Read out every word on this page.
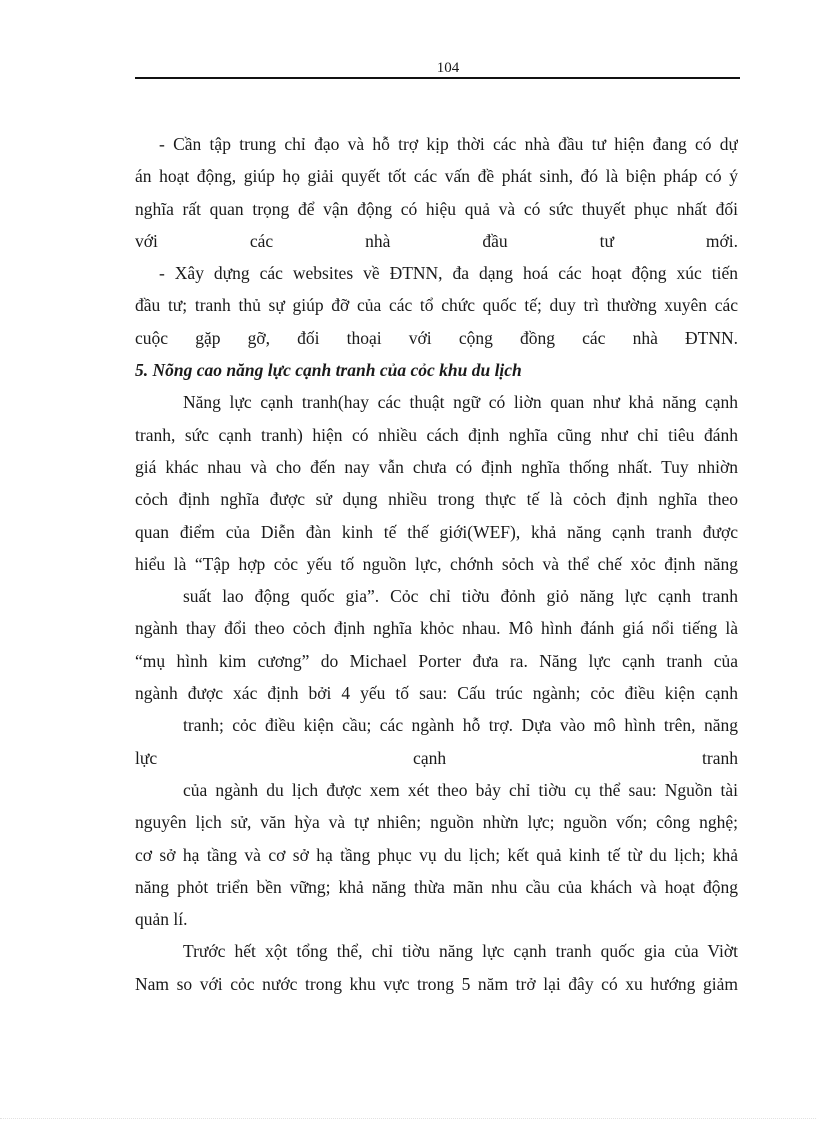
104
- Cần tập trung chỉ đạo và hỗ trợ kịp thời các nhà đầu tư hiện đang có dự
án hoạt động, giúp họ giải quyết tốt các vấn đề phát sinh, đó là biện pháp có ý
nghĩa rất quan trọng để vận động có hiệu quả và có sức thuyết phục nhất đối
với các nhà đầu tư mới.
- Xây dựng các websites về ĐTNN, đa dạng hoá các hoạt động xúc tiến
đầu tư; tranh thủ sự giúp đỡ của các tổ chức quốc tế; duy trì thường xuyên các
cuộc gặp gỡ, đối thoại với cộng đồng các nhà ĐTNN.
5. Nõng cao năng lực cạnh tranh của cỏc khu du lịch
Năng lực cạnh tranh(hay các thuật ngữ có liờn quan như khả năng cạnh
tranh, sức cạnh tranh) hiện có nhiều cách định nghĩa cũng như chỉ tiêu đánh
giá khác nhau và cho đến nay vẫn chưa có định nghĩa thống nhất. Tuy nhiờn
cỏch định nghĩa được sử dụng nhiều trong thực tế là cỏch định nghĩa theo
quan điểm của Diễn đàn kinh tế thế giới(WEF), khả năng cạnh tranh được
hiểu là “Tập hợp cỏc yếu tố nguồn lực, chớnh sỏch và thể chế xỏc định năng
suất lao động quốc gia”. Cỏc chỉ tiờu đỏnh giỏ năng lực cạnh tranh
ngành thay đổi theo cỏch định nghĩa khỏc nhau. Mô hình đánh giá nổi tiếng là
“mụ hình kim cương” do Michael Porter đưa ra. Năng lực cạnh tranh của
ngành được xác định bởi 4 yếu tố sau: Cấu trúc ngành; cỏc điều kiện cạnh
tranh; cỏc điều kiện cầu; các ngành hỗ trợ. Dựa vào mô hình trên, năng
lực cạnh tranh
của ngành du lịch được xem xét theo bảy chỉ tiờu cụ thể sau: Nguồn tài
nguyên lịch sử, văn hỳa và tự nhiên; nguồn nhừn lực; nguồn vốn; công nghệ;
cơ sở hạ tầng và cơ sở hạ tầng phục vụ du lịch; kết quả kinh tế từ du lịch; khả
năng phỏt triển bền vững; khả năng thừa mãn nhu cầu của khách và hoạt động
quản lí.
Trước hết xột tổng thể, chỉ tiờu năng lực cạnh tranh quốc gia của Viờt
Nam so với cỏc nước trong khu vực trong 5 năm trở lại đây có xu hướng giảm
